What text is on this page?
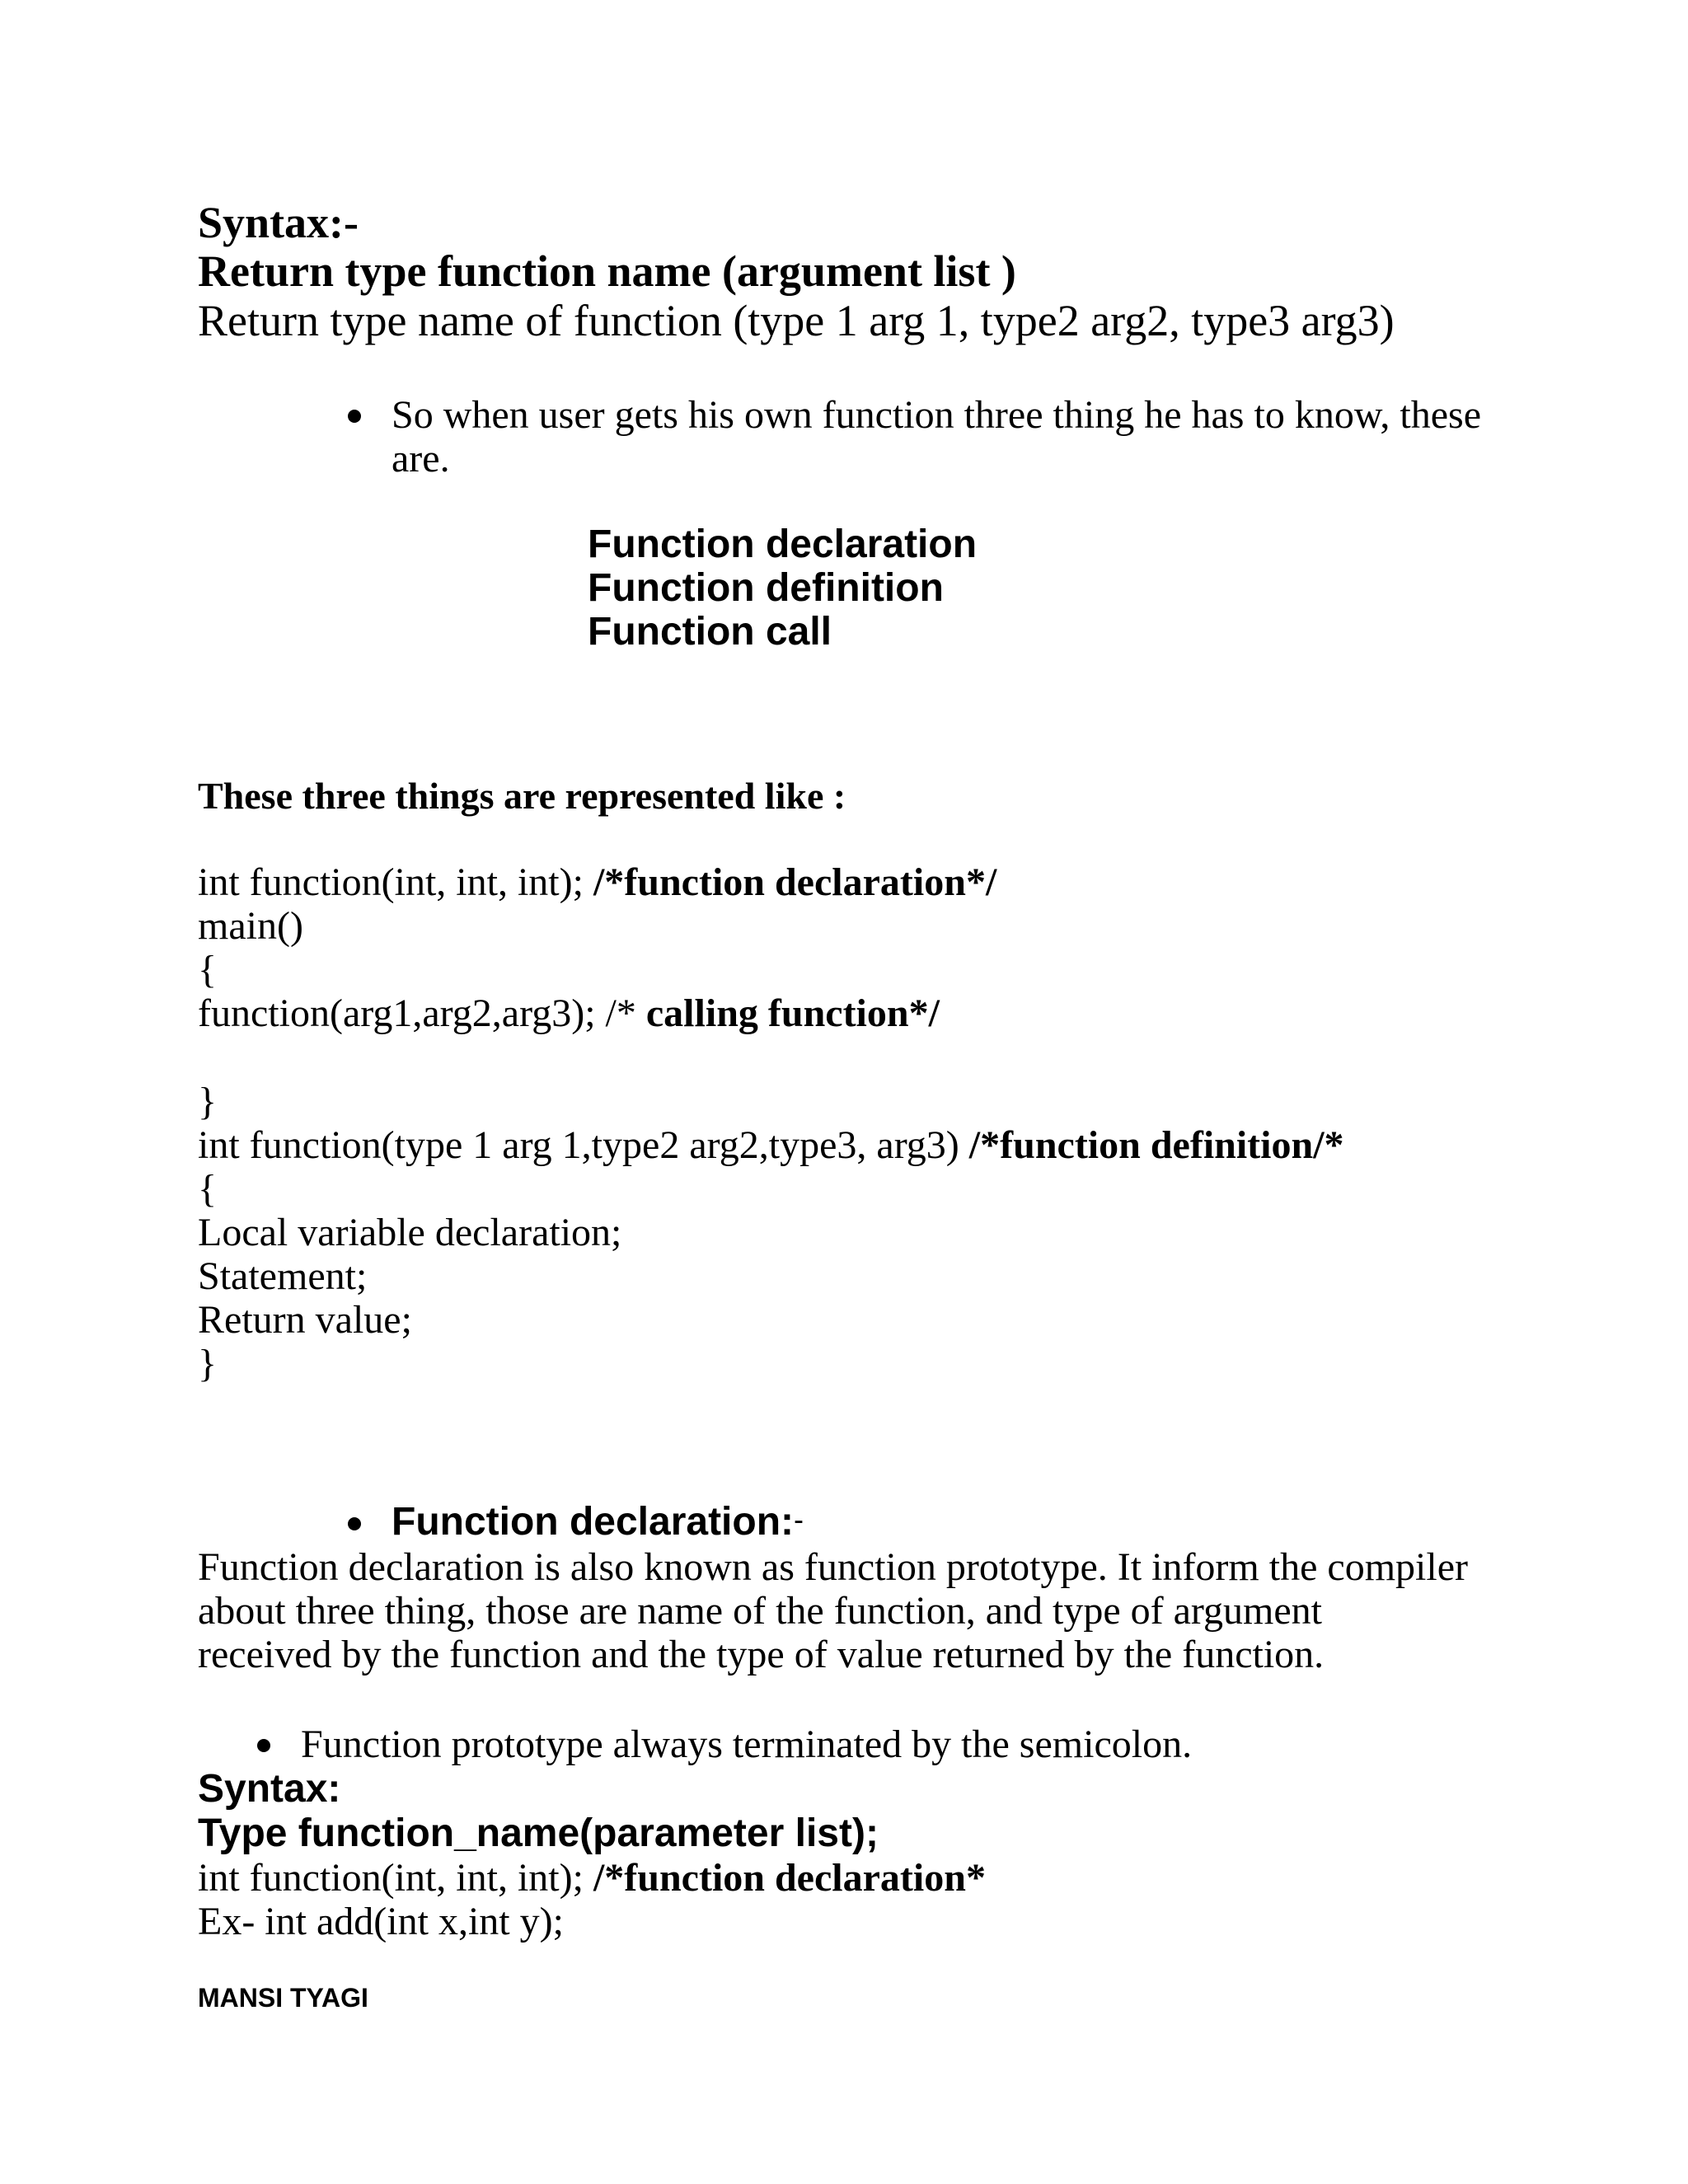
Syntax:-
Return type function name (argument list )
Return type name of function (type 1 arg 1, type2 arg2, type3 arg3)
So when user gets his own function three thing he has to know, these
are.
Function declaration
Function definition
Function call
These three things are represented like :
int function(int, int, int); /*function declaration*/
main()
{
function(arg1,arg2,arg3); /* calling function*/
}
int function(type 1 arg 1,type2 arg2,type3, arg3) /*function definition/*
{
Local variable declaration;
Statement;
Return value;
}
Function declaration:-
Function declaration is also known as function prototype. It inform the compiler
about three thing, those are name of the function, and type of argument
received by the function and the type of value returned by the function.
Function prototype always terminated by the semicolon.
Syntax:
Type function_name(parameter list);
int function(int, int, int); /*function declaration*
Ex- int add(int x,int y);
MANSI TYAGI
